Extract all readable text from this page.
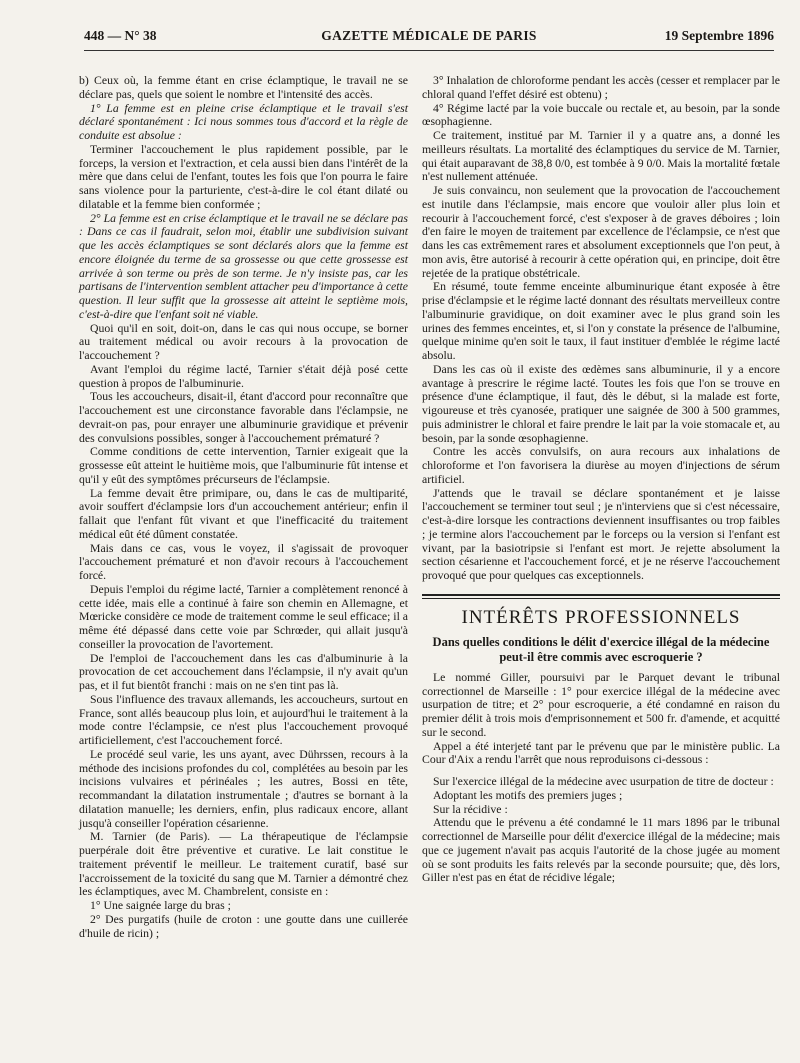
448 — N° 38	GAZETTE MÉDICALE DE PARIS	19 Septembre 1896

b) Ceux où, la femme étant en crise éclamptique, le travail ne se déclare pas, quels que soient le nombre et l'intensité des accès.

1° La femme est en pleine crise éclamptique et le travail s'est déclaré spontanément : Ici nous sommes tous d'accord et la règle de conduite est absolue :

Terminer l'accouchement le plus rapidement possible, par le forceps, la version et l'extraction, et cela aussi bien dans l'intérêt de la mère que dans celui de l'enfant, toutes les fois que l'on pourra le faire sans violence pour la parturiente, c'est-à-dire le col étant dilaté ou dilatable et la femme bien conformée ;

2° La femme est en crise éclamptique et le travail ne se déclare pas : Dans ce cas il faudrait, selon moi, établir une subdivision suivant que les accès éclamptiques se sont déclarés alors que la femme est encore éloignée du terme de sa grossesse ou que cette grossesse est arrivée à son terme ou près de son terme. Je n'y insiste pas, car les partisans de l'intervention semblent attacher peu d'importance à cette question. Il leur suffit que la grossesse ait atteint le septième mois, c'est-à-dire que l'enfant soit né viable.

Quoi qu'il en soit, doit-on, dans le cas qui nous occupe, se borner au traitement médical ou avoir recours à la provocation de l'accouchement ?

Avant l'emploi du régime lacté, Tarnier s'était déjà posé cette question à propos de l'albuminurie.

Tous les accoucheurs, disait-il, étant d'accord pour reconnaître que l'accouchement est une circonstance favorable dans l'éclampsie, ne devrait-on pas, pour enrayer une albuminurie gravidique et prévenir des convulsions possibles, songer à l'accouchement prématuré ?

Comme conditions de cette intervention, Tarnier exigeait que la grossesse eût atteint le huitième mois, que l'albuminurie fût intense et qu'il y eût des symptômes précurseurs de l'éclampsie.

La femme devait être primipare, ou, dans le cas de multiparité, avoir souffert d'éclampsie lors d'un accouchement antérieur; enfin il fallait que l'enfant fût vivant et que l'inefficacité du traitement médical eût été dûment constatée.

Mais dans ce cas, vous le voyez, il s'agissait de provoquer l'accouchement prématuré et non d'avoir recours à l'accouchement forcé.

Depuis l'emploi du régime lacté, Tarnier a complètement renoncé à cette idée, mais elle a continué à faire son chemin en Allemagne, et Mœricke considère ce mode de traitement comme le seul efficace; il a même été dépassé dans cette voie par Schrœder, qui allait jusqu'à conseiller la provocation de l'avortement.

De l'emploi de l'accouchement dans les cas d'albuminurie à la provocation de cet accouchement dans l'éclampsie, il n'y avait qu'un pas, et il fut bientôt franchi : mais on ne s'en tint pas là.

Sous l'influence des travaux allemands, les accoucheurs, surtout en France, sont allés beaucoup plus loin, et aujourd'hui le traitement à la mode contre l'éclampsie, ce n'est plus l'accouchement provoqué artificiellement, c'est l'accouchement forcé.

Le procédé seul varie, les uns ayant, avec Dührssen, recours à la méthode des incisions profondes du col, complétées au besoin par les incisions vulvaires et périnéales ; les autres, Bossi en tête, recommandant la dilatation instrumentale ; d'autres se bornant à la dilatation manuelle; les derniers, enfin, plus radicaux encore, allant jusqu'à conseiller l'opération césarienne.

M. Tarnier (de Paris). — La thérapeutique de l'éclampsie puerpérale doit être préventive et curative. Le lait constitue le traitement préventif le meilleur. Le traitement curatif, basé sur l'accroissement de la toxicité du sang que M. Tarnier a démontré chez les éclamptiques, avec M. Chambrelent, consiste en :

1° Une saignée large du bras ;

2° Des purgatifs (huile de croton : une goutte dans une cuillerée d'huile de ricin) ;

3° Inhalation de chloroforme pendant les accès (cesser et remplacer par le chloral quand l'effet désiré est obtenu) ;

4° Régime lacté par la voie buccale ou rectale et, au besoin, par la sonde œsophagienne.

Ce traitement, institué par M. Tarnier il y a quatre ans, a donné les meilleurs résultats. La mortalité des éclamptiques du service de M. Tarnier, qui était auparavant de 38,8 0/0, est tombée à 9 0/0. Mais la mortalité fœtale n'est nullement atténuée.

Je suis convaincu, non seulement que la provocation de l'accouchement est inutile dans l'éclampsie, mais encore que vouloir aller plus loin et recourir à l'accouchement forcé, c'est s'exposer à de graves déboires ; loin d'en faire le moyen de traitement par excellence de l'éclampsie, ce n'est que dans les cas extrêmement rares et absolument exceptionnels que l'on peut, à mon avis, être autorisé à recourir à cette opération qui, en principe, doit être rejetée de la pratique obstétricale.

En résumé, toute femme enceinte albuminurique étant exposée à être prise d'éclampsie et le régime lacté donnant des résultats merveilleux contre l'albuminurie gravidique, on doit examiner avec le plus grand soin les urines des femmes enceintes, et, si l'on y constate la présence de l'albumine, quelque minime qu'en soit le taux, il faut instituer d'emblée le régime lacté absolu.

Dans les cas où il existe des œdèmes sans albuminurie, il y a encore avantage à prescrire le régime lacté. Toutes les fois que l'on se trouve en présence d'une éclamptique, il faut, dès le début, si la malade est forte, vigoureuse et très cyanosée, pratiquer une saignée de 300 à 500 grammes, puis administrer le chloral et faire prendre le lait par la voie stomacale et, au besoin, par la sonde œsophagienne.

Contre les accès convulsifs, on aura recours aux inhalations de chloroforme et l'on favorisera la diurèse au moyen d'injections de sérum artificiel.

J'attends que le travail se déclare spontanément et je laisse l'accouchement se terminer tout seul ; je n'interviens que si c'est nécessaire, c'est-à-dire lorsque les contractions deviennent insuffisantes ou trop faibles ; je termine alors l'accouchement par le forceps ou la version si l'enfant est vivant, par la basiotripsie si l'enfant est mort. Je rejette absolument la section césarienne et l'accouchement forcé, et je ne réserve l'accouchement provoqué que pour quelques cas exceptionnels.

INTÉRÊTS PROFESSIONNELS
Dans quelles conditions le délit d'exercice illégal de la médecine peut-il être commis avec escroquerie ?

Le nommé Giller, poursuivi par le Parquet devant le tribunal correctionnel de Marseille : 1° pour exercice illégal de la médecine avec usurpation de titre; et 2° pour escroquerie, a été condamné en raison du premier délit à trois mois d'emprisonnement et 500 fr. d'amende, et acquitté sur le second.

Appel a été interjeté tant par le prévenu que par le ministère public. La Cour d'Aix a rendu l'arrêt que nous reproduisons ci-dessous :

Sur l'exercice illégal de la médecine avec usurpation de titre de docteur :

Adoptant les motifs des premiers juges ;

Sur la récidive :

Attendu que le prévenu a été condamné le 11 mars 1896 par le tribunal correctionnel de Marseille pour délit d'exercice illégal de la médecine; mais que ce jugement n'avait pas acquis l'autorité de la chose jugée au moment où se sont produits les faits relevés par la seconde poursuite; que, dès lors, Giller n'est pas en état de récidive légale;
